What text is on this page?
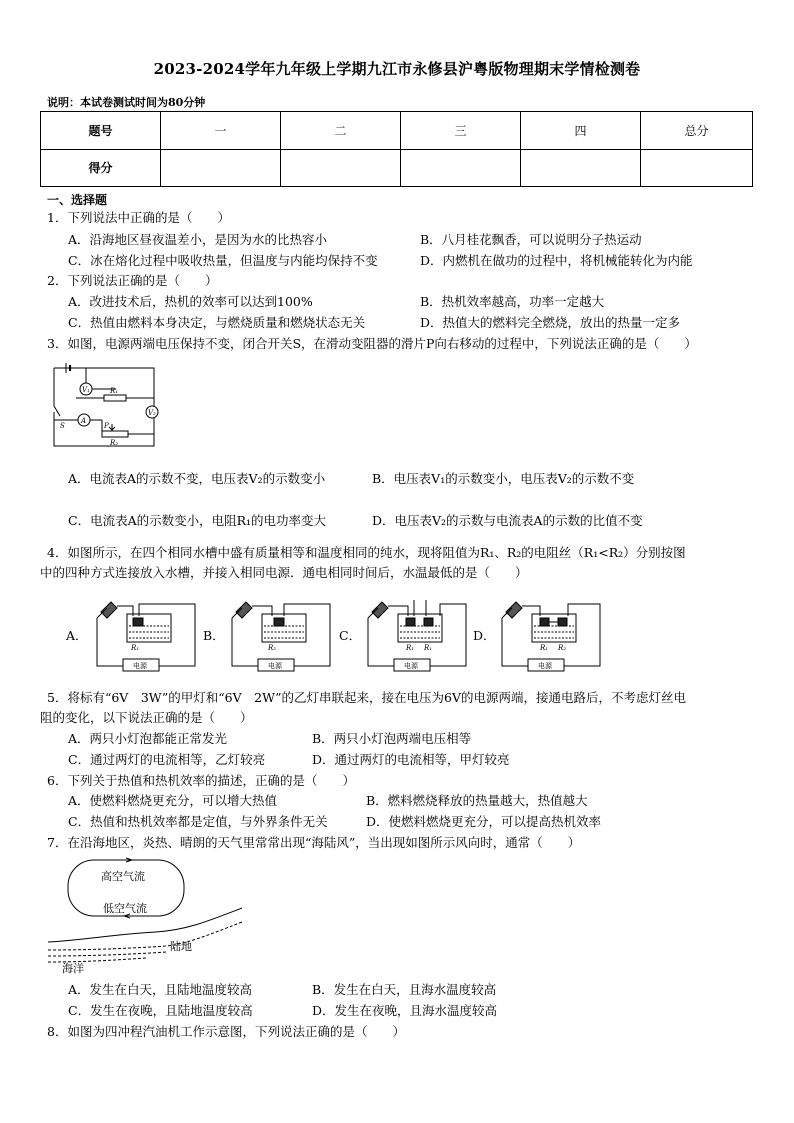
2023-2024学年九年级上学期九江市永修县沪粤版物理期末学情检测卷
说明：本试卷测试时间为80分钟
题号	一	二	三	四	总分
得分					
一、选择题
1．下列说法中正确的是（　　）
A．沿海地区昼夜温差小，是因为水的比热容小	B．八月桂花飘香，可以说明分子热运动
C．冰在熔化过程中吸收热量，但温度与内能均保持不变	D．内燃机在做功的过程中，将机械能转化为内能
2．下列说法正确的是（　　）
A．改进技术后，热机的效率可以达到100%	B．热机效率越高，功率一定越大
C．热值由燃料本身决定，与燃烧质量和燃烧状态无关	D．热值大的燃料完全燃烧，放出的热量一定多
3．如图，电源两端电压保持不变，闭合开关S，在滑动变阻器的滑片P向右移动的过程中，下列说法正确的是（　　）
V₁
V₂
A
R₁
R₂
P
S
A．电流表A的示数不变，电压表V₂的示数变小	B．电压表V₁的示数变小，电压表V₂的示数不变
C．电流表A的示数变小，电阻R₁的电功率变大	D．电压表V₂的示数与电流表A的示数的比值不变
4．如图所示，在四个相同水槽中盛有质量相等和温度相同的纯水，现将阻值为R₁、R₂的电阻丝（R₁<R₂）分别按图
中的四种方式连接放入水槽，并接入相同电源．通电相同时间后，水温最低的是（　　）
A．	B．	C．	D．
R₁
电源
R₂
电源
R₁ R₁
电源
R₁ R₂
电源
5．将标有“6V　3W”的甲灯和“6V　2W”的乙灯串联起来，接在电压为6V的电源两端，接通电路后，不考虑灯丝电
阻的变化，以下说法正确的是（　　）
A．两只小灯泡都能正常发光	B．两只小灯泡两端电压相等
C．通过两灯的电流相等，乙灯较亮	D．通过两灯的电流相等，甲灯较亮
6．下列关于热值和热机效率的描述，正确的是（　　）
A．使燃料燃烧更充分，可以增大热值	B．燃料燃烧释放的热量越大，热值越大
C．热值和热机效率都是定值，与外界条件无关	D．使燃料燃烧更充分，可以提高热机效率
7．在沿海地区，炎热、晴朗的天气里常常出现“海陆风”，当出现如图所示风向时，通常（　　）
高空气流
低空气流
陆地
海洋
A．发生在白天，且陆地温度较高	B．发生在白天，且海水温度较高
C．发生在夜晚，且陆地温度较高	D．发生在夜晚，且海水温度较高
8．如图为四冲程汽油机工作示意图，下列说法正确的是（　　）
